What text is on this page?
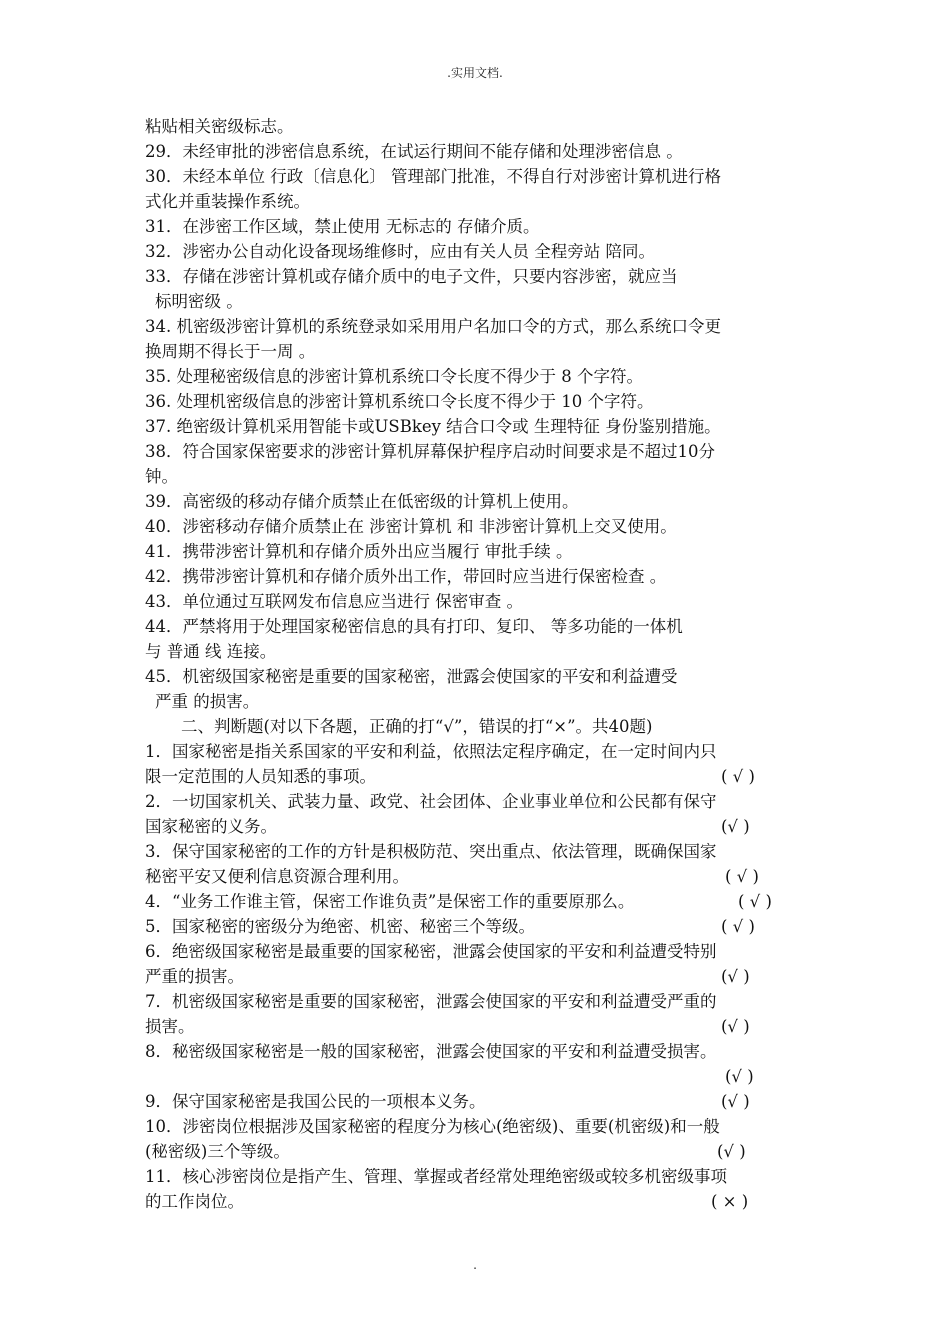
.实用文档.
粘贴相关密级标志。
29．未经审批的涉密信息系统，在试运行期间不能存储和处理涉密信息 。
30．未经本单位 行政〔信息化〕 管理部门批准，不得自行对涉密计算机进行格
式化并重装操作系统。
31．在涉密工作区域，禁止使用 无标志的 存储介质。
32．涉密办公自动化设备现场维修时，应由有关人员 全程旁站 陪同。
33．存储在涉密计算机或存储介质中的电子文件，只要内容涉密，就应当
标明密级 。
34. 机密级涉密计算机的系统登录如采用用户名加口令的方式，那么系统口令更
换周期不得长于一周 。
35. 处理秘密级信息的涉密计算机系统口令长度不得少于 8 个字符。
36. 处理机密级信息的涉密计算机系统口令长度不得少于 10 个字符。
37. 绝密级计算机采用智能卡或USBkey 结合口令或 生理特征 身份鉴别措施。
38．符合国家保密要求的涉密计算机屏幕保护程序启动时间要求是不超过10分
钟。
39．高密级的移动存储介质禁止在低密级的计算机上使用。
40．涉密移动存储介质禁止在 涉密计算机 和 非涉密计算机上交叉使用。
41．携带涉密计算机和存储介质外出应当履行 审批手续 。
42．携带涉密计算机和存储介质外出工作，带回时应当进行保密检查 。
43．单位通过互联网发布信息应当进行 保密审查 。
44．严禁将用于处理国家秘密信息的具有打印、复印、 等多功能的一体机
与 普通 线 连接。
45．机密级国家秘密是重要的国家秘密，泄露会使国家的平安和利益遭受
严重 的损害。
二、判断题(对以下各题，正确的打“√”，错误的打“×”。共40题)
1．国家秘密是指关系国家的平安和利益，依照法定程序确定，在一定时间内只
限一定范围的人员知悉的事项。	( √ )
2．一切国家机关、武装力量、政党、社会团体、企业事业单位和公民都有保守
国家秘密的义务。	(√ )
3．保守国家秘密的工作的方针是积极防范、突出重点、依法管理，既确保国家
秘密平安又便利信息资源合理利用。	( √ )
4．“业务工作谁主管，保密工作谁负责”是保密工作的重要原那么。	( √ )
5．国家秘密的密级分为绝密、机密、秘密三个等级。	( √ )
6．绝密级国家秘密是最重要的国家秘密，泄露会使国家的平安和利益遭受特别
严重的损害。	(√ )
7．机密级国家秘密是重要的国家秘密，泄露会使国家的平安和利益遭受严重的
损害。	(√ )
8．秘密级国家秘密是一般的国家秘密，泄露会使国家的平安和利益遭受损害。
(√ )
9．保守国家秘密是我国公民的一项根本义务。	(√ )
10．涉密岗位根据涉及国家秘密的程度分为核心(绝密级)、重要(机密级)和一般
(秘密级)三个等级。	(√ )
11．核心涉密岗位是指产生、管理、掌握或者经常处理绝密级或较多机密级事项
的工作岗位。	( × )
.
